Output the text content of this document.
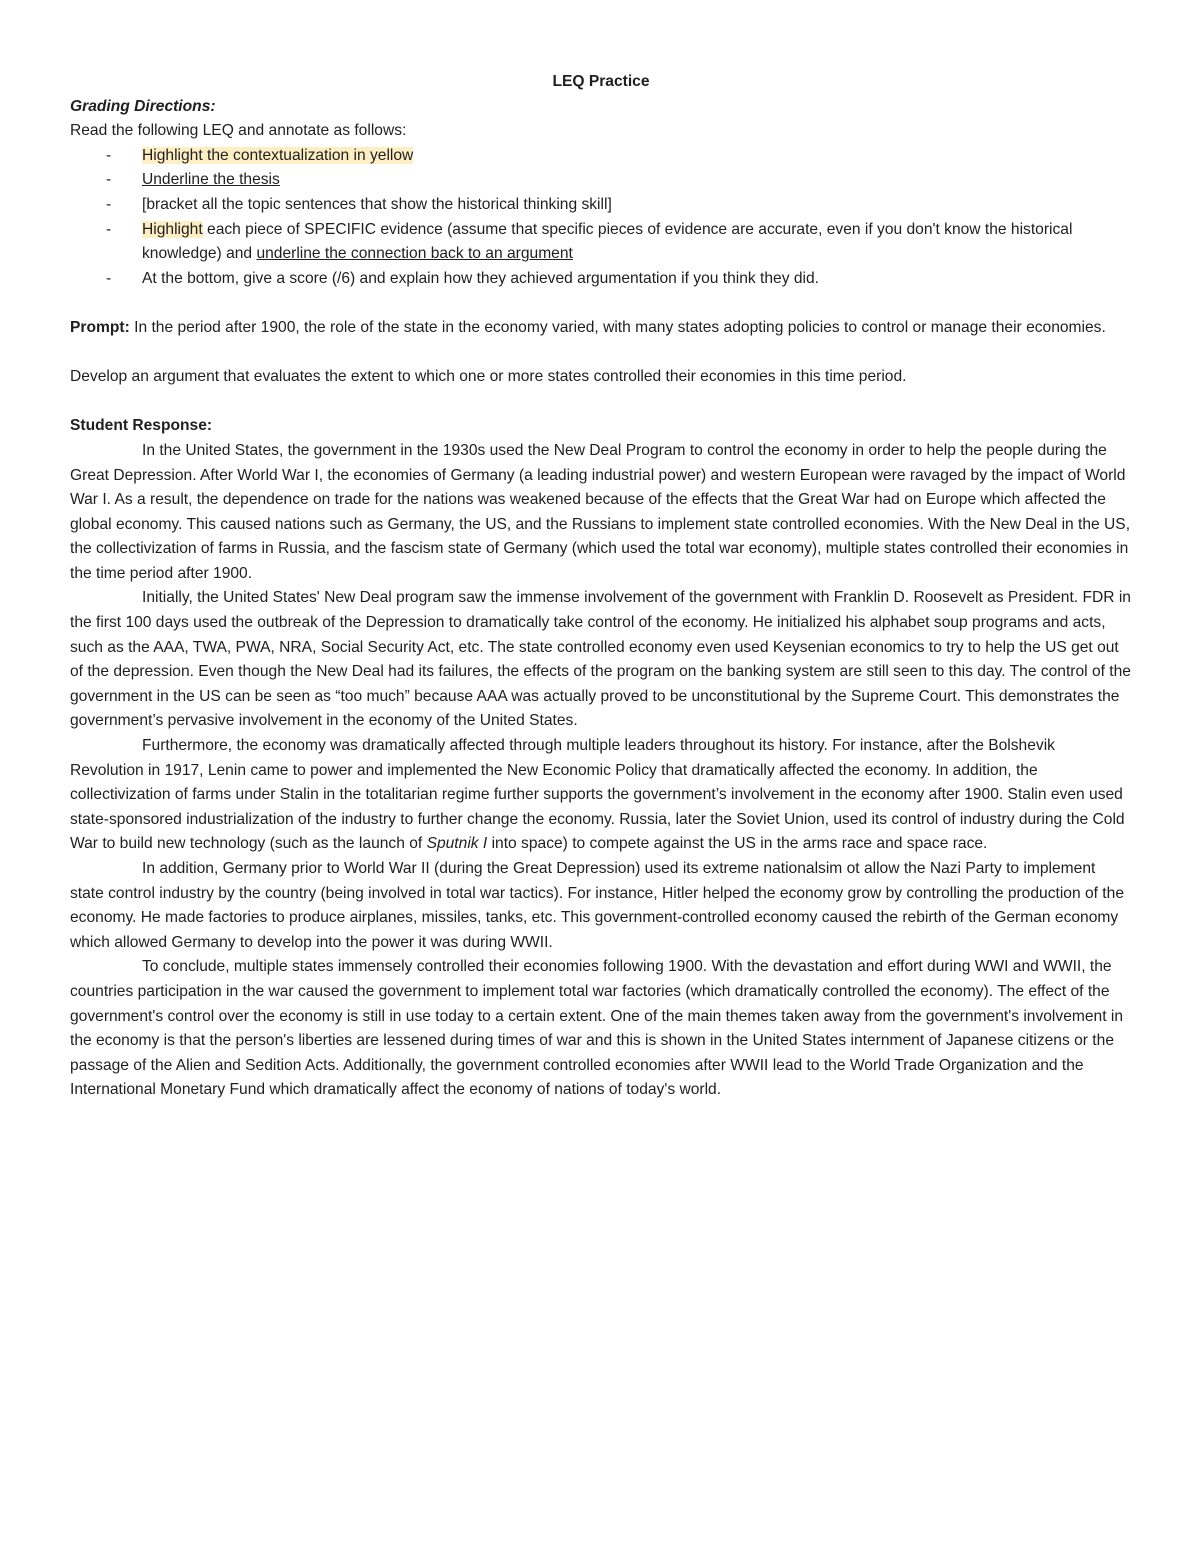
LEQ Practice

Grading Directions:

Read the following LEQ and annotate as follows:

- Highlight the contextualization in yellow
- Underline the thesis
- [bracket all the topic sentences that show the historical thinking skill]
- Highlight each piece of SPECIFIC evidence (assume that specific pieces of evidence are accurate, even if you don't know the historical knowledge) and underline the connection back to an argument
- At the bottom, give a score (/6) and explain how they achieved argumentation if you think they did.

Prompt: In the period after 1900, the role of the state in the economy varied, with many states adopting policies to control or manage their economies.

Develop an argument that evaluates the extent to which one or more states controlled their economies in this time period.

Student Response:

In the United States, the government in the 1930s used the New Deal Program to control the economy in order to help the people during the Great Depression. After World War I, the economies of Germany (a leading industrial power) and western European were ravaged by the impact of World War I. As a result, the dependence on trade for the nations was weakened because of the effects that the Great War had on Europe which affected the global economy. This caused nations such as Germany, the US, and the Russians to implement state controlled economies. With the New Deal in the US, the collectivization of farms in Russia, and the fascism state of Germany (which used the total war economy), multiple states controlled their economies in the time period after 1900.

Initially, the United States' New Deal program saw the immense involvement of the government with Franklin D. Roosevelt as President. FDR in the first 100 days used the outbreak of the Depression to dramatically take control of the economy. He initialized his alphabet soup programs and acts, such as the AAA, TWA, PWA, NRA, Social Security Act, etc. The state controlled economy even used Keysenian economics to try to help the US get out of the depression. Even though the New Deal had its failures, the effects of the program on the banking system are still seen to this day. The control of the government in the US can be seen as “too much” because AAA was actually proved to be unconstitutional by the Supreme Court. This demonstrates the government’s pervasive involvement in the economy of the United States.

Furthermore, the economy was dramatically affected through multiple leaders throughout its history. For instance, after the Bolshevik Revolution in 1917, Lenin came to power and implemented the New Economic Policy that dramatically affected the economy. In addition, the collectivization of farms under Stalin in the totalitarian regime further supports the government’s involvement in the economy after 1900. Stalin even used state-sponsored industrialization of the industry to further change the economy. Russia, later the Soviet Union, used its control of industry during the Cold War to build new technology (such as the launch of Sputnik I into space) to compete against the US in the arms race and space race.

In addition, Germany prior to World War II (during the Great Depression) used its extreme nationalsim ot allow the Nazi Party to implement state control industry by the country (being involved in total war tactics). For instance, Hitler helped the economy grow by controlling the production of the economy. He made factories to produce airplanes, missiles, tanks, etc. This government-controlled economy caused the rebirth of the German economy which allowed Germany to develop into the power it was during WWII.

To conclude, multiple states immensely controlled their economies following 1900. With the devastation and effort during WWI and WWII, the countries participation in the war caused the government to implement total war factories (which dramatically controlled the economy). The effect of the government's control over the economy is still in use today to a certain extent. One of the main themes taken away from the government's involvement in the economy is that the person's liberties are lessened during times of war and this is shown in the United States internment of Japanese citizens or the passage of the Alien and Sedition Acts. Additionally, the government controlled economies after WWII lead to the World Trade Organization and the International Monetary Fund which dramatically affect the economy of nations of today's world.
